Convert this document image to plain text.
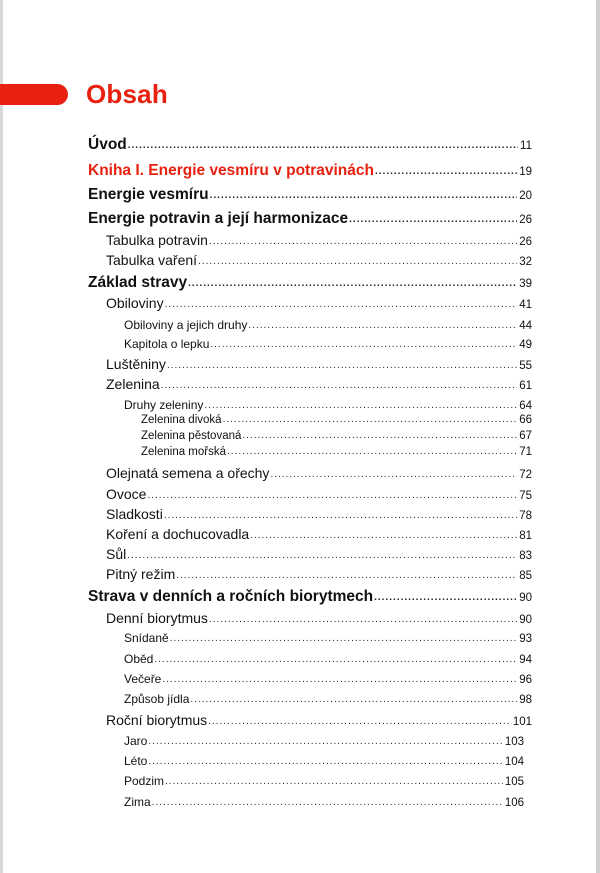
Obsah
Úvod .....	11
Kniha I. Energie vesmíru v potravinách .....	19
Energie vesmíru .....	20
Energie potravin a její harmonizace .....	26
Tabulka potravin .....	26
Tabulka vaření .....	32
Základ stravy .....	39
Obiloviny .....	41
Obiloviny a jejich druhy .....	44
Kapitola o lepku .....	49
Luštěniny .....	55
Zelenina .....	61
Druhy zeleniny .....	64
Zelenina divoká .....	66
Zelenina pěstovaná .....	67
Zelenina mořská .....	71
Olejnatá semena a ořechy .....	72
Ovoce .....	75
Sladkosti .....	78
Koření a dochucovadla .....	81
Sůl .....	83
Pitný režim .....	85
Strava v denních a ročních biorytmech .....	90
Denní biorytmus .....	90
Snídaně .....	93
Oběd .....	94
Večeře .....	96
Způsob jídla .....	98
Roční biorytmus .....	101
Jaro .....	103
Léto .....	104
Podzim .....	105
Zima .....	106
